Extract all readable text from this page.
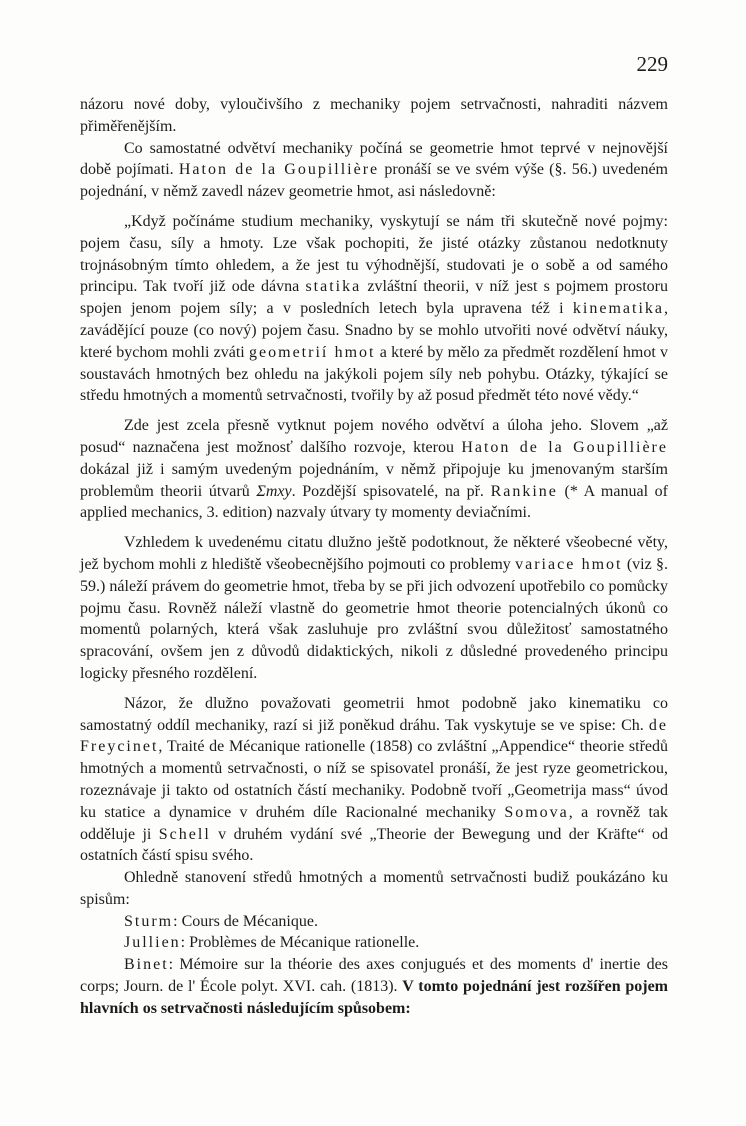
229

názoru nové doby, vyloučivšího z mechaniky pojem setrvačnosti, nahraditi názvem přiměřenějším.

Co samostatné odvětví mechaniky počíná se geometrie hmot teprvé v nejnovější době pojímati. Haton de la Goupillière pronáší se ve svém výše (§. 56.) uvedeném pojednání, v němž zavedl název geometrie hmot, asi následovně:

„Když počínáme studium mechaniky, vyskytují se nám tři skutečně nové pojmy: pojem času, síly a hmoty. Lze však pochopiti, že jisté otázky zůstanou nedotknuty trojnásobným tímto ohledem, a že jest tu výhodnější, studovati je o sobě a od samého principu. Tak tvoří již ode dávna statika zvláštní theorii, v níž jest s pojmem prostoru spojen jenom pojem síly; a v posledních letech byla upravena též i kinematika, zavádějící pouze (co nový) pojem času. Snadno by se mohlo utvořiti nové odvětví náuky, které bychom mohli zváti geometrií hmot a které by mělo za předmět rozdělení hmot v soustavách hmotných bez ohledu na jakýkoli pojem síly neb pohybu. Otázky, týkající se středu hmotných a momentů setrvačnosti, tvořily by až posud předmět této nové vědy.“

Zde jest zcela přesně vytknut pojem nového odvětví a úloha jeho. Slovem „až posud“ naznačena jest možnosť dalšího rozvoje, kterou Haton de la Goupillière dokázal již i samým uvedeným pojednáním, v němž připojuje ku jmenovaným starším problemům theorii útvarů Σmxy. Pozdější spisovatelé, na př. Rankine (* A manual of applied mechanics, 3. edition) nazvaly útvary ty momenty deviačními.

Vzhledem k uvedenému citatu dlužno ještě podotknout, že některé všeobecné věty, jež bychom mohli z hlediště všeobecnějšího pojmouti co problemy variace hmot (viz §. 59.) náleží právem do geometrie hmot, třeba by se při jich odvození upotřebilo co pomůcky pojmu času. Rovněž náleží vlastně do geometrie hmot theorie potencialných úkonů co momentů polarných, která však zasluhuje pro zvláštní svou důležitosť samostatného spracování, ovšem jen z důvodů didaktických, nikoli z důsledné provedeného principu logicky přesného rozdělení.

Názor, že dlužno považovati geometrii hmot podobně jako kinematiku co samostatný oddíl mechaniky, razí si již poněkud dráhu. Tak vyskytuje se ve spise: Ch. de Freycinet, Traité de Mécanique rationelle (1858) co zvláštní „Appendice“ theorie středů hmotných a momentů setrvačnosti, o níž se spisovatel pronáší, že jest ryze geometrickou, rozeznávaje ji takto od ostatních částí mechaniky. Podobně tvoří „Geometrija mass“ úvod ku statice a dynamice v druhém díle Racionalné mechaniky Somova, a rovněž tak odděluje ji Schell v druhém vydání své „Theorie der Bewegung und der Kräfte“ od ostatních částí spisu svého.

Ohledně stanovení středů hmotných a momentů setrvačnosti budiž poukázáno ku spisům:

Sturm: Cours de Mécanique.

Jullien: Problèmes de Mécanique rationelle.

Binet: Mémoire sur la théorie des axes conjugués et des moments d' inertie des corps; Journ. de l' École polyt. XVI. cah. (1813). V tomto pojednání jest rozšířen pojem hlavních os setrvačnosti následujícím spůsobem:
